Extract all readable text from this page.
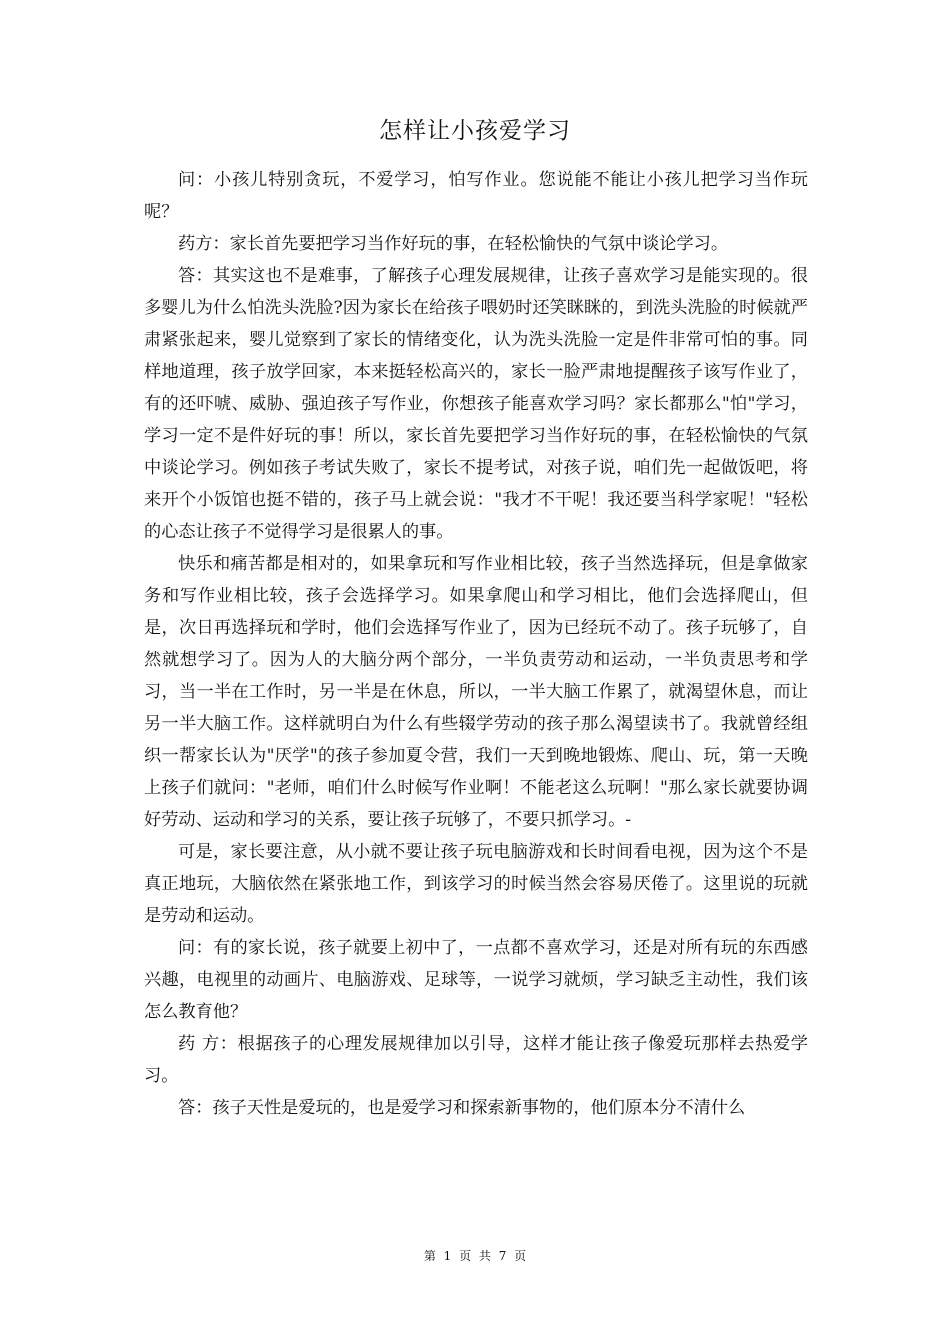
怎样让小孩爱学习

问：小孩儿特别贪玩，不爱学习，怕写作业。您说能不能让小孩儿把学习当作玩呢？

药方：家长首先要把学习当作好玩的事，在轻松愉快的气氛中谈论学习。

答：其实这也不是难事，了解孩子心理发展规律，让孩子喜欢学习是能实现的。很多婴儿为什么怕洗头洗脸?因为家长在给孩子喂奶时还笑眯眯的，到洗头洗脸的时候就严肃紧张起来，婴儿觉察到了家长的情绪变化，认为洗头洗脸一定是件非常可怕的事。同样地道理，孩子放学回家，本来挺轻松高兴的，家长一脸严肃地提醒孩子该写作业了，有的还吓唬、威胁、强迫孩子写作业，你想孩子能喜欢学习吗？家长都那么"怕"学习，学习一定不是件好玩的事！所以，家长首先要把学习当作好玩的事，在轻松愉快的气氛中谈论学习。例如孩子考试失败了，家长不提考试，对孩子说，咱们先一起做饭吧，将来开个小饭馆也挺不错的，孩子马上就会说："我才不干呢！我还要当科学家呢！"轻松的心态让孩子不觉得学习是很累人的事。

快乐和痛苦都是相对的，如果拿玩和写作业相比较，孩子当然选择玩，但是拿做家务和写作业相比较，孩子会选择学习。如果拿爬山和学习相比，他们会选择爬山，但是，次日再选择玩和学时，他们会选择写作业了，因为已经玩不动了。孩子玩够了，自然就想学习了。因为人的大脑分两个部分，一半负责劳动和运动，一半负责思考和学习，当一半在工作时，另一半是在休息，所以，一半大脑工作累了，就渴望休息，而让另一半大脑工作。这样就明白为什么有些辍学劳动的孩子那么渴望读书了。我就曾经组织一帮家长认为"厌学"的孩子参加夏令营，我们一天到晚地锻炼、爬山、玩，第一天晚上孩子们就问："老师，咱们什么时候写作业啊！不能老这么玩啊！"那么家长就要协调好劳动、运动和学习的关系，要让孩子玩够了，不要只抓学习。-

可是，家长要注意，从小就不要让孩子玩电脑游戏和长时间看电视，因为这个不是真正地玩，大脑依然在紧张地工作，到该学习的时候当然会容易厌倦了。这里说的玩就是劳动和运动。

问：有的家长说，孩子就要上初中了，一点都不喜欢学习，还是对所有玩的东西感兴趣，电视里的动画片、电脑游戏、足球等，一说学习就烦，学习缺乏主动性，我们该怎么教育他？

药 方：根据孩子的心理发展规律加以引导，这样才能让孩子像爱玩那样去热爱学习。

答：孩子天性是爱玩的，也是爱学习和探索新事物的，他们原本分不清什么

第 1 页 共 7 页
